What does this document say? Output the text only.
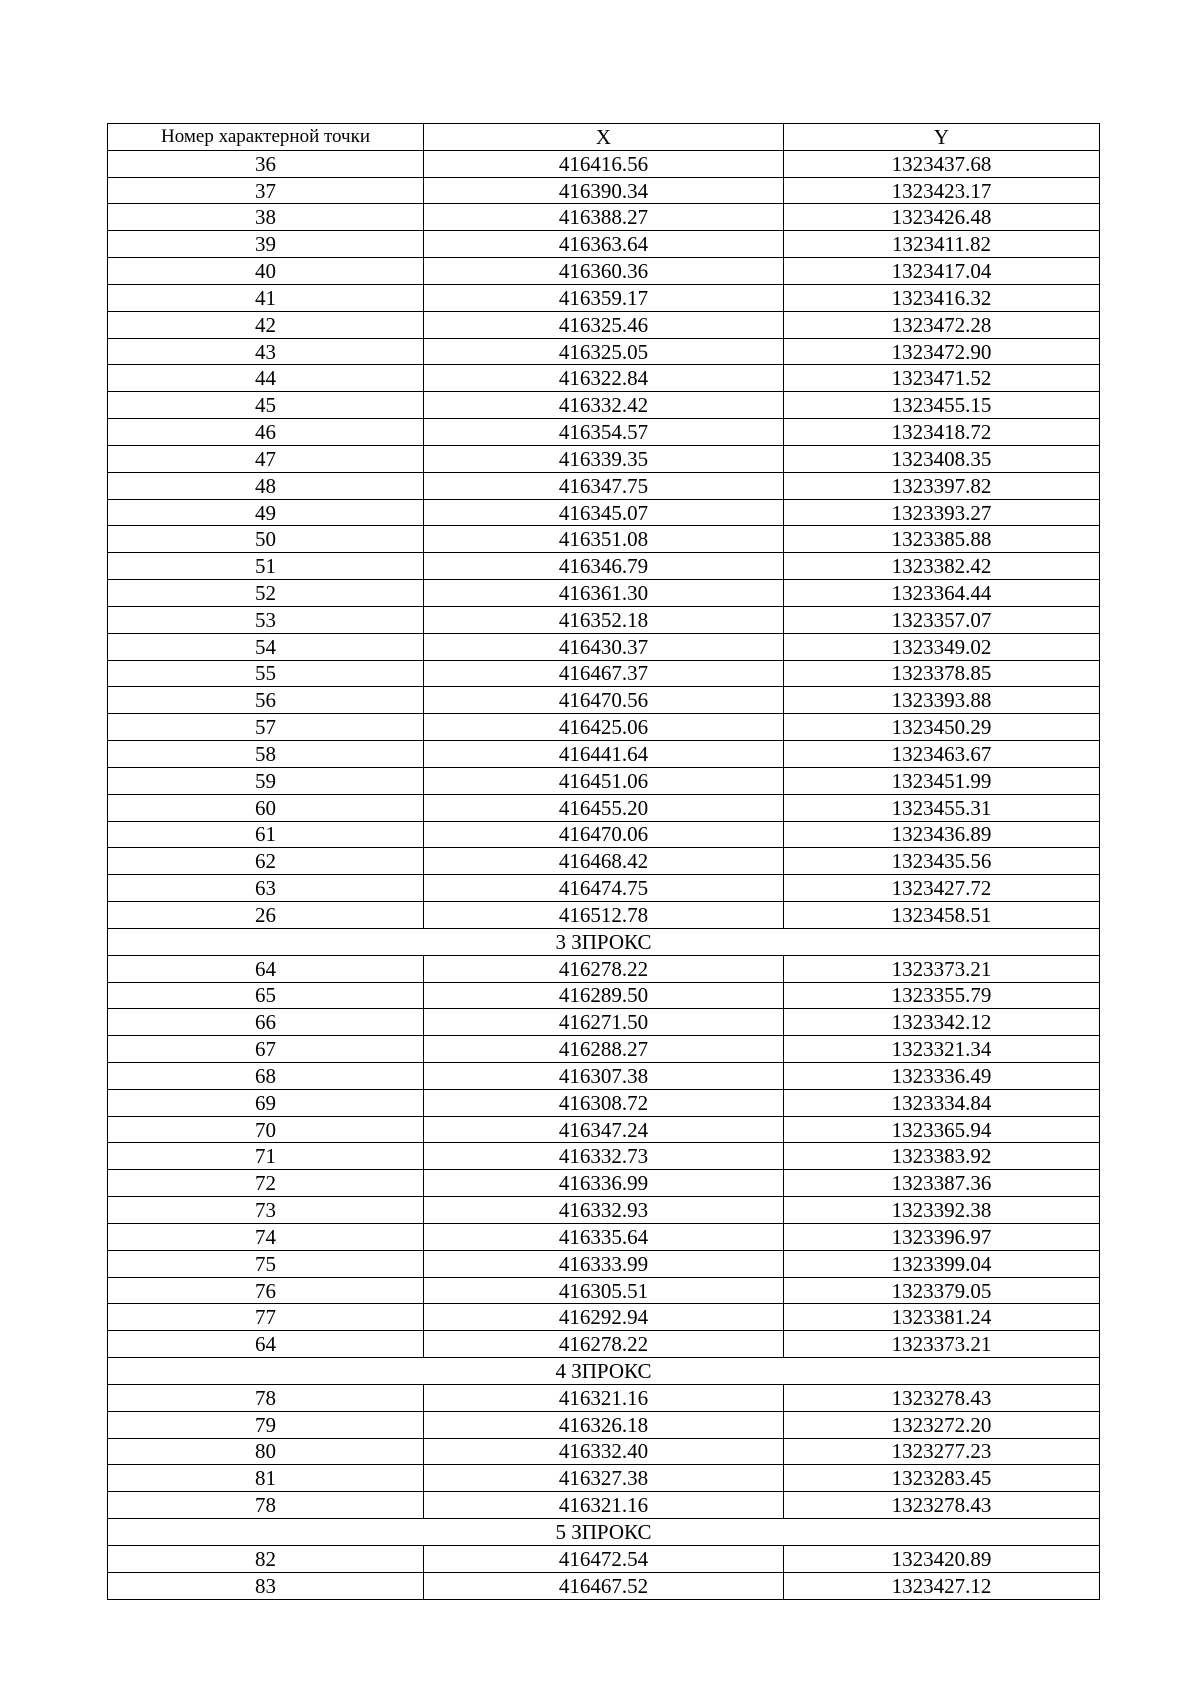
Номер характерной точки	X	Y
36	416416.56	1323437.68
37	416390.34	1323423.17
38	416388.27	1323426.48
39	416363.64	1323411.82
40	416360.36	1323417.04
41	416359.17	1323416.32
42	416325.46	1323472.28
43	416325.05	1323472.90
44	416322.84	1323471.52
45	416332.42	1323455.15
46	416354.57	1323418.72
47	416339.35	1323408.35
48	416347.75	1323397.82
49	416345.07	1323393.27
50	416351.08	1323385.88
51	416346.79	1323382.42
52	416361.30	1323364.44
53	416352.18	1323357.07
54	416430.37	1323349.02
55	416467.37	1323378.85
56	416470.56	1323393.88
57	416425.06	1323450.29
58	416441.64	1323463.67
59	416451.06	1323451.99
60	416455.20	1323455.31
61	416470.06	1323436.89
62	416468.42	1323435.56
63	416474.75	1323427.72
26	416512.78	1323458.51
3 ЗПРОКС		
64	416278.22	1323373.21
65	416289.50	1323355.79
66	416271.50	1323342.12
67	416288.27	1323321.34
68	416307.38	1323336.49
69	416308.72	1323334.84
70	416347.24	1323365.94
71	416332.73	1323383.92
72	416336.99	1323387.36
73	416332.93	1323392.38
74	416335.64	1323396.97
75	416333.99	1323399.04
76	416305.51	1323379.05
77	416292.94	1323381.24
64	416278.22	1323373.21
4 ЗПРОКС		
78	416321.16	1323278.43
79	416326.18	1323272.20
80	416332.40	1323277.23
81	416327.38	1323283.45
78	416321.16	1323278.43
5 ЗПРОКС		
82	416472.54	1323420.89
83	416467.52	1323427.12
